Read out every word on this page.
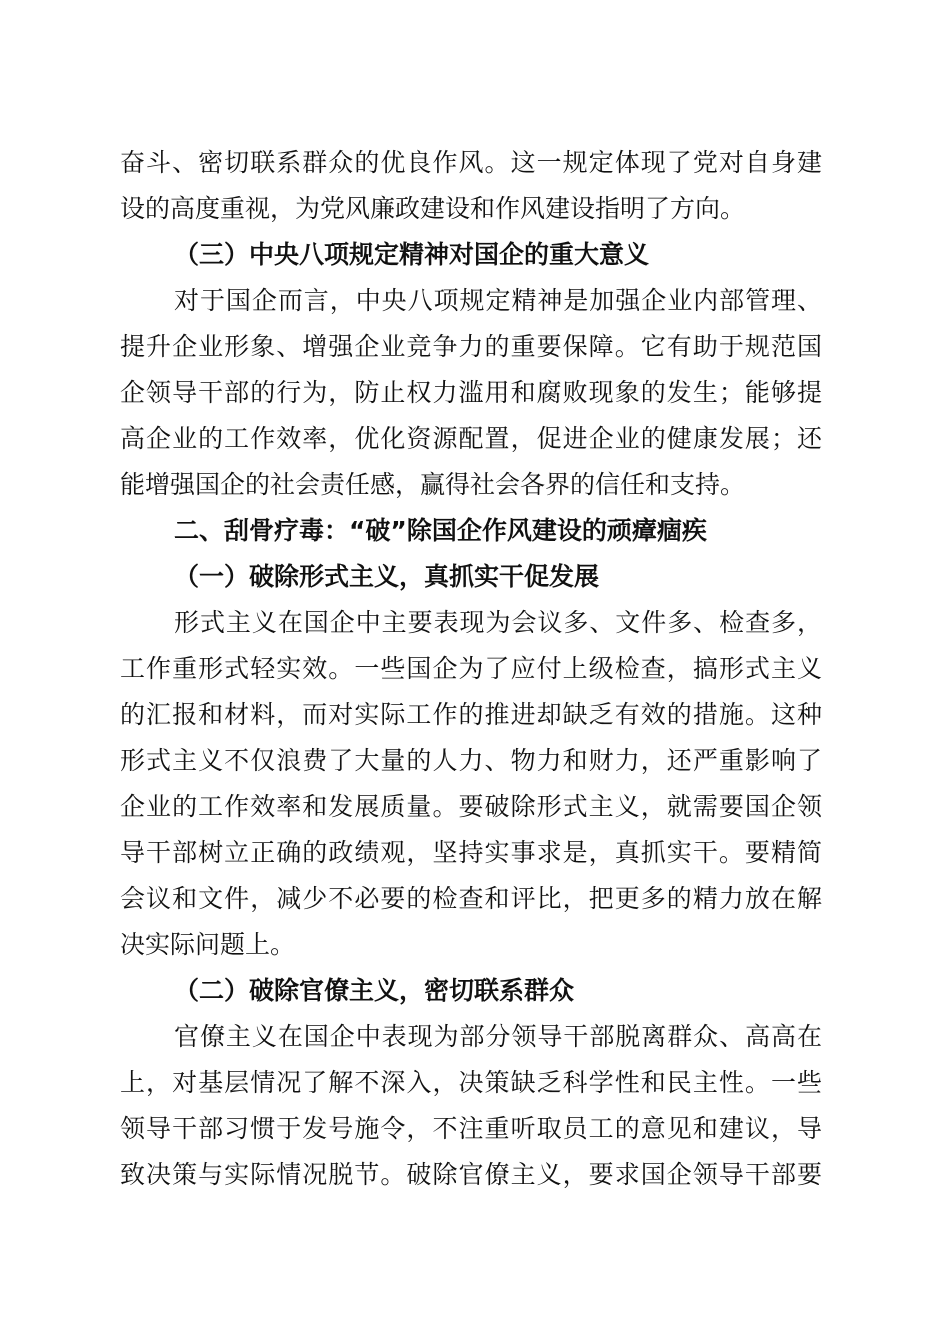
奋斗、密切联系群众的优良作风。这一规定体现了党对自身建
设的高度重视，为党风廉政建设和作风建设指明了方向。
（三）中央八项规定精神对国企的重大意义
对于国企而言，中央八项规定精神是加强企业内部管理、
提升企业形象、增强企业竞争力的重要保障。它有助于规范国
企领导干部的行为，防止权力滥用和腐败现象的发生；能够提
高企业的工作效率，优化资源配置，促进企业的健康发展；还
能增强国企的社会责任感，赢得社会各界的信任和支持。
二、刮骨疗毒：“破”除国企作风建设的顽瘴痼疾
（一）破除形式主义，真抓实干促发展
形式主义在国企中主要表现为会议多、文件多、检查多，
工作重形式轻实效。一些国企为了应付上级检查，搞形式主义
的汇报和材料，而对实际工作的推进却缺乏有效的措施。这种
形式主义不仅浪费了大量的人力、物力和财力，还严重影响了
企业的工作效率和发展质量。要破除形式主义，就需要国企领
导干部树立正确的政绩观，坚持实事求是，真抓实干。要精简
会议和文件，减少不必要的检查和评比，把更多的精力放在解
决实际问题上。
（二）破除官僚主义，密切联系群众
官僚主义在国企中表现为部分领导干部脱离群众、高高在
上，对基层情况了解不深入，决策缺乏科学性和民主性。一些
领导干部习惯于发号施令，不注重听取员工的意见和建议，导
致决策与实际情况脱节。破除官僚主义，要求国企领导干部要
